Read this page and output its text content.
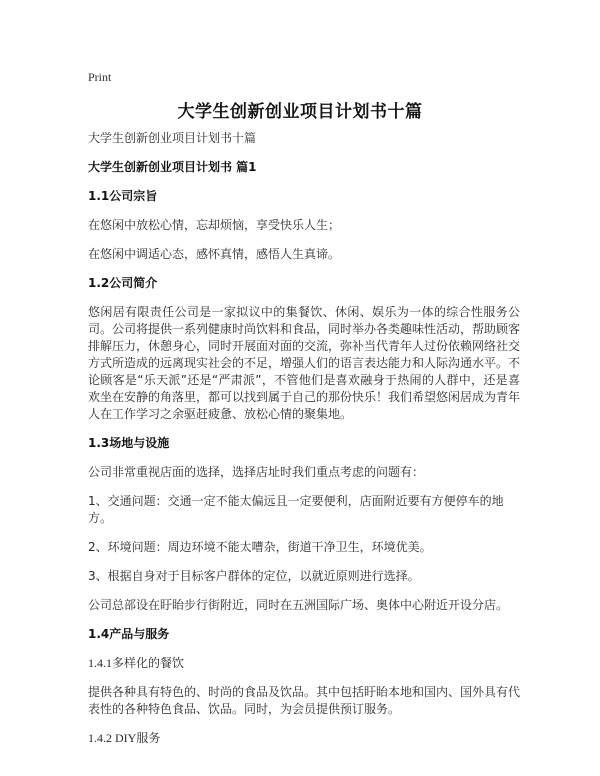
Print
大学生创新创业项目计划书十篇

大学生创新创业项目计划书十篇

大学生创新创业项目计划书 篇1

1.1公司宗旨

在悠闲中放松心情，忘却烦恼，享受快乐人生；

在悠闲中调适心态，感怀真情，感悟人生真谛。

1.2公司简介

悠闲居有限责任公司是一家拟议中的集餐饮、休闲、娱乐为一体的综合性服务公司。公司将提供一系列健康时尚饮料和食品，同时举办各类趣味性活动，帮助顾客排解压力，休憩身心，同时开展面对面的交流，弥补当代青年人过份依赖网络社交方式所造成的远离现实社会的不足，增强人们的语言表达能力和人际沟通水平。不论顾客是“乐天派”还是“严肃派”，不管他们是喜欢融身于热闹的人群中，还是喜欢坐在安静的角落里，都可以找到属于自己的那份快乐！我们希望悠闲居成为青年人在工作学习之余驱赶疲惫、放松心情的聚集地。

1.3场地与设施

公司非常重视店面的选择，选择店址时我们重点考虑的问题有：

1、交通问题：交通一定不能太偏远且一定要便利，店面附近要有方便停车的地方。

2、环境问题：周边环境不能太嘈杂，街道干净卫生，环境优美。

3、根据自身对于目标客户群体的定位，以就近原则进行选择。

公司总部设在盱眙步行街附近，同时在五洲国际广场、奥体中心附近开设分店。

1.4产品与服务

1.4.1多样化的餐饮

提供各种具有特色的、时尚的食品及饮品。其中包括盱眙本地和国内、国外具有代表性的各种特色食品、饮品。同时，为会员提供预订服务。

1.4.2 DIY服务
